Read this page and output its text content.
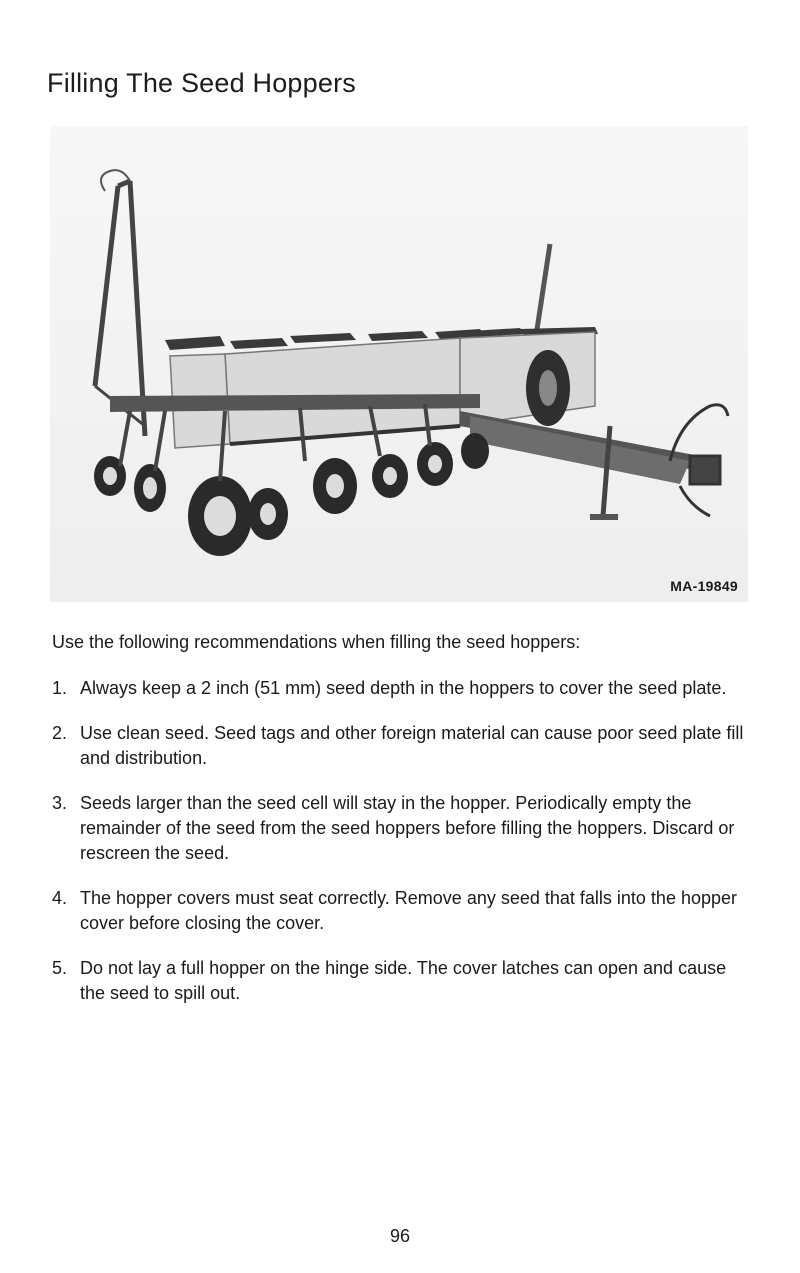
Filling The Seed Hoppers
MA-19849

Use the following recommendations when filling the seed hoppers:

1. Always keep a 2 inch (51 mm) seed depth in the hoppers to cover the seed plate.
2. Use clean seed. Seed tags and other foreign material can cause poor seed plate fill and distribution.
3. Seeds larger than the seed cell will stay in the hopper. Periodically empty the remainder of the seed from the seed hoppers before filling the hoppers. Discard or rescreen the seed.
4. The hopper covers must seat correctly. Remove any seed that falls into the hopper cover before closing the cover.
5. Do not lay a full hopper on the hinge side. The cover latches can open and cause the seed to spill out.
96
